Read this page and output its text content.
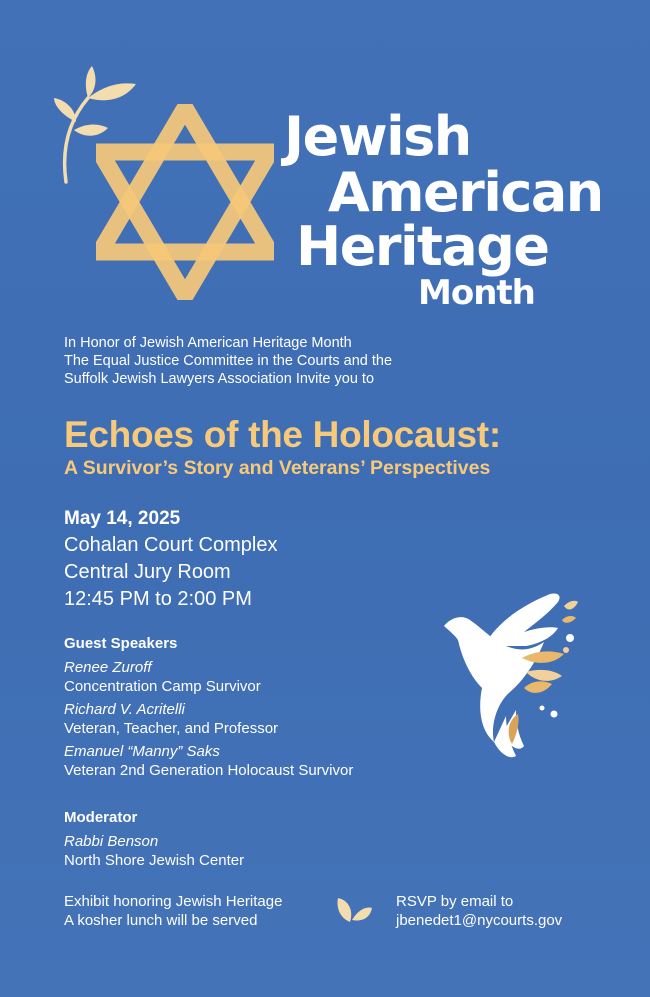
Jewish
American
Heritage
Month
In Honor of Jewish American Heritage Month
The Equal Justice Committee in the Courts and the
Suffolk Jewish Lawyers Association Invite you to
Echoes of the Holocaust:
A Survivor’s Story and Veterans’ Perspectives
May 14, 2025
Cohalan Court Complex
Central Jury Room
12:45 PM to 2:00 PM
Guest Speakers
Renee Zuroff
Concentration Camp Survivor
Richard V. Acritelli
Veteran, Teacher, and Professor
Emanuel “Manny” Saks
Veteran 2nd Generation Holocaust Survivor
Moderator
Rabbi Benson
North Shore Jewish Center
Exhibit honoring Jewish Heritage
A kosher lunch will be served
RSVP by email to
jbenedet1@nycourts.gov
